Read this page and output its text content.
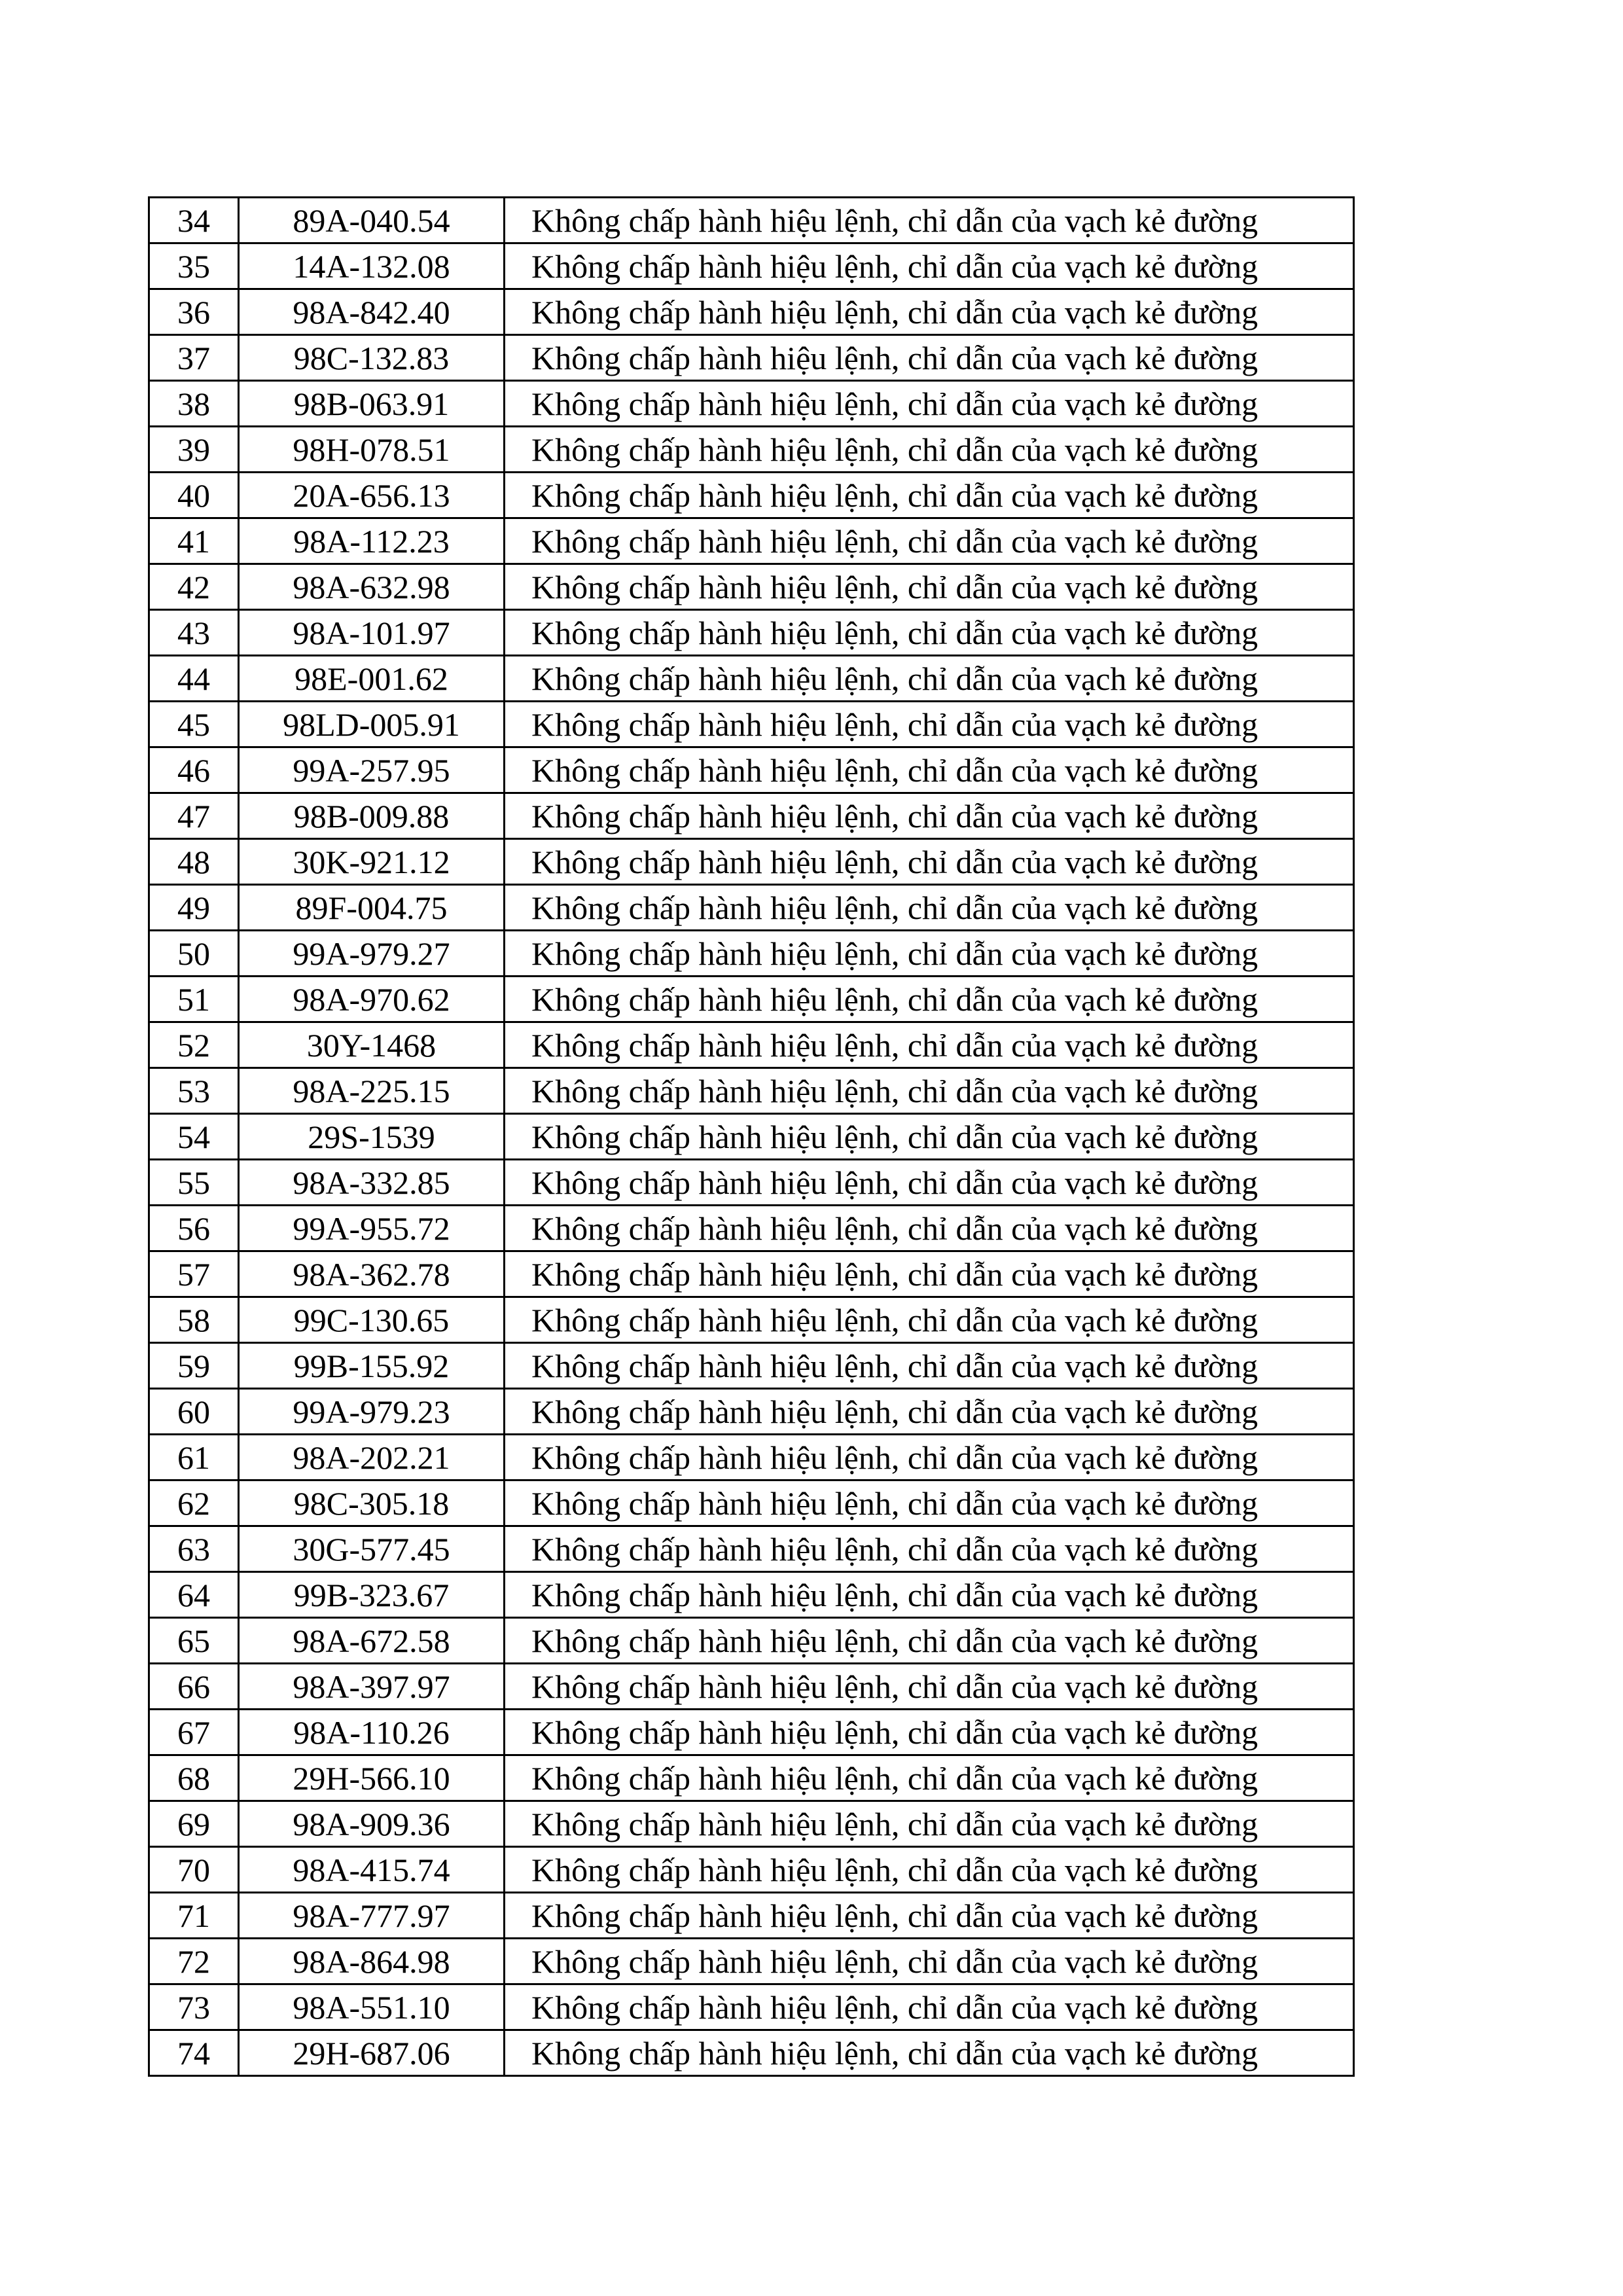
34	89A-040.54	Không chấp hành hiệu lệnh, chỉ dẫn của vạch kẻ đường
35	14A-132.08	Không chấp hành hiệu lệnh, chỉ dẫn của vạch kẻ đường
36	98A-842.40	Không chấp hành hiệu lệnh, chỉ dẫn của vạch kẻ đường
37	98C-132.83	Không chấp hành hiệu lệnh, chỉ dẫn của vạch kẻ đường
38	98B-063.91	Không chấp hành hiệu lệnh, chỉ dẫn của vạch kẻ đường
39	98H-078.51	Không chấp hành hiệu lệnh, chỉ dẫn của vạch kẻ đường
40	20A-656.13	Không chấp hành hiệu lệnh, chỉ dẫn của vạch kẻ đường
41	98A-112.23	Không chấp hành hiệu lệnh, chỉ dẫn của vạch kẻ đường
42	98A-632.98	Không chấp hành hiệu lệnh, chỉ dẫn của vạch kẻ đường
43	98A-101.97	Không chấp hành hiệu lệnh, chỉ dẫn của vạch kẻ đường
44	98E-001.62	Không chấp hành hiệu lệnh, chỉ dẫn của vạch kẻ đường
45	98LD-005.91	Không chấp hành hiệu lệnh, chỉ dẫn của vạch kẻ đường
46	99A-257.95	Không chấp hành hiệu lệnh, chỉ dẫn của vạch kẻ đường
47	98B-009.88	Không chấp hành hiệu lệnh, chỉ dẫn của vạch kẻ đường
48	30K-921.12	Không chấp hành hiệu lệnh, chỉ dẫn của vạch kẻ đường
49	89F-004.75	Không chấp hành hiệu lệnh, chỉ dẫn của vạch kẻ đường
50	99A-979.27	Không chấp hành hiệu lệnh, chỉ dẫn của vạch kẻ đường
51	98A-970.62	Không chấp hành hiệu lệnh, chỉ dẫn của vạch kẻ đường
52	30Y-1468	Không chấp hành hiệu lệnh, chỉ dẫn của vạch kẻ đường
53	98A-225.15	Không chấp hành hiệu lệnh, chỉ dẫn của vạch kẻ đường
54	29S-1539	Không chấp hành hiệu lệnh, chỉ dẫn của vạch kẻ đường
55	98A-332.85	Không chấp hành hiệu lệnh, chỉ dẫn của vạch kẻ đường
56	99A-955.72	Không chấp hành hiệu lệnh, chỉ dẫn của vạch kẻ đường
57	98A-362.78	Không chấp hành hiệu lệnh, chỉ dẫn của vạch kẻ đường
58	99C-130.65	Không chấp hành hiệu lệnh, chỉ dẫn của vạch kẻ đường
59	99B-155.92	Không chấp hành hiệu lệnh, chỉ dẫn của vạch kẻ đường
60	99A-979.23	Không chấp hành hiệu lệnh, chỉ dẫn của vạch kẻ đường
61	98A-202.21	Không chấp hành hiệu lệnh, chỉ dẫn của vạch kẻ đường
62	98C-305.18	Không chấp hành hiệu lệnh, chỉ dẫn của vạch kẻ đường
63	30G-577.45	Không chấp hành hiệu lệnh, chỉ dẫn của vạch kẻ đường
64	99B-323.67	Không chấp hành hiệu lệnh, chỉ dẫn của vạch kẻ đường
65	98A-672.58	Không chấp hành hiệu lệnh, chỉ dẫn của vạch kẻ đường
66	98A-397.97	Không chấp hành hiệu lệnh, chỉ dẫn của vạch kẻ đường
67	98A-110.26	Không chấp hành hiệu lệnh, chỉ dẫn của vạch kẻ đường
68	29H-566.10	Không chấp hành hiệu lệnh, chỉ dẫn của vạch kẻ đường
69	98A-909.36	Không chấp hành hiệu lệnh, chỉ dẫn của vạch kẻ đường
70	98A-415.74	Không chấp hành hiệu lệnh, chỉ dẫn của vạch kẻ đường
71	98A-777.97	Không chấp hành hiệu lệnh, chỉ dẫn của vạch kẻ đường
72	98A-864.98	Không chấp hành hiệu lệnh, chỉ dẫn của vạch kẻ đường
73	98A-551.10	Không chấp hành hiệu lệnh, chỉ dẫn của vạch kẻ đường
74	29H-687.06	Không chấp hành hiệu lệnh, chỉ dẫn của vạch kẻ đường
